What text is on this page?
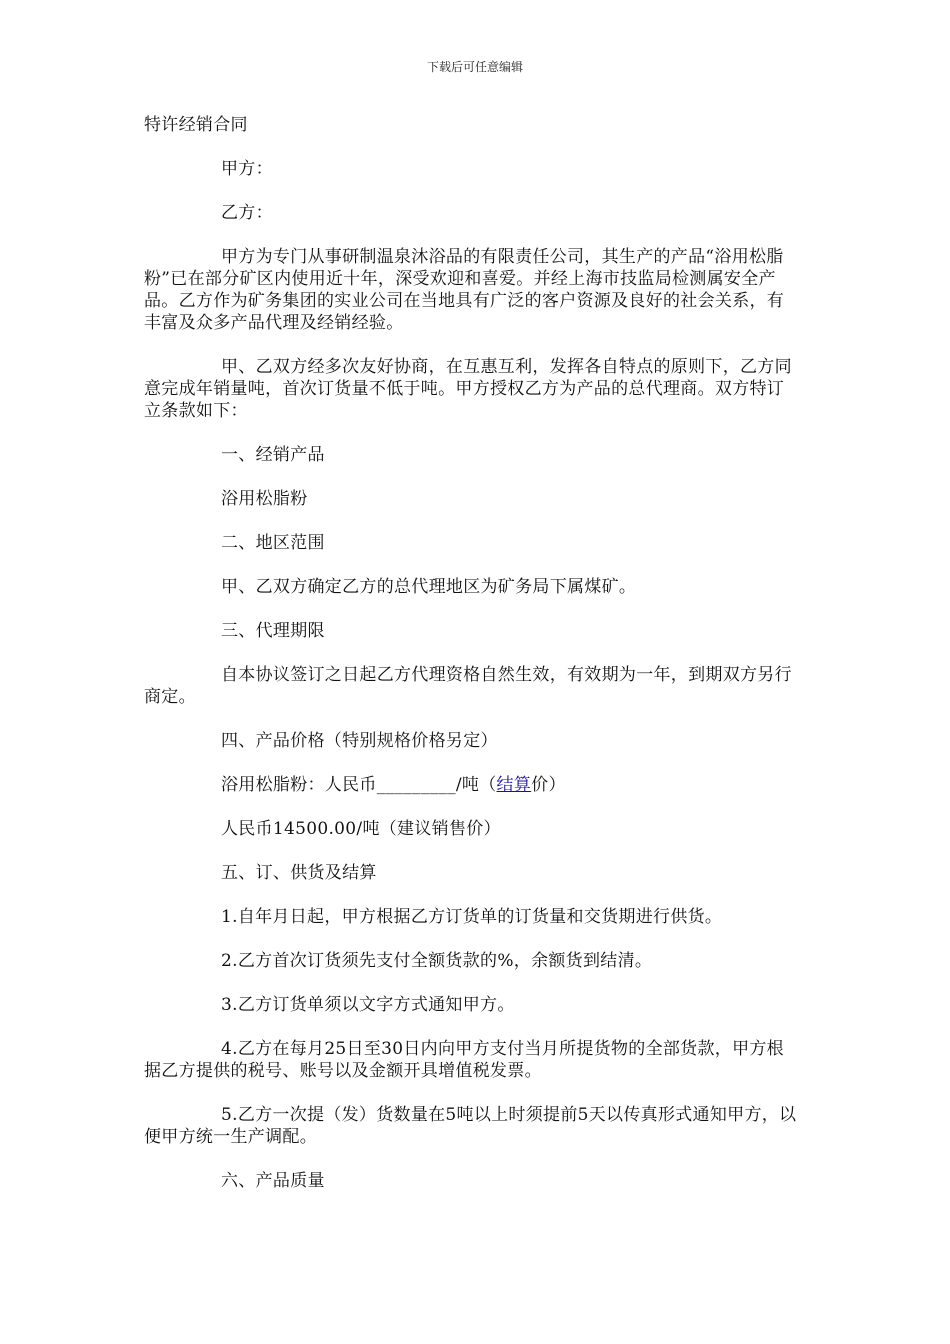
下载后可任意编辑

特许经销合同

甲方：

乙方：

甲方为专门从事研制温泉沐浴品的有限责任公司，其生产的产品“浴用松脂粉”已在部分矿区内使用近十年，深受欢迎和喜爱。并经上海市技监局检测属安全产品。乙方作为矿务集团的实业公司在当地具有广泛的客户资源及良好的社会关系，有丰富及众多产品代理及经销经验。

甲、乙双方经多次友好协商，在互惠互利，发挥各自特点的原则下，乙方同意完成年销量吨，首次订货量不低于吨。甲方授权乙方为产品的总代理商。双方特订立条款如下：

一、经销产品

浴用松脂粉

二、地区范围

甲、乙双方确定乙方的总代理地区为矿务局下属煤矿。

三、代理期限

自本协议签订之日起乙方代理资格自然生效，有效期为一年，到期双方另行商定。

四、产品价格（特别规格价格另定）

浴用松脂粉：人民币_________/吨（结算价）

人民币14500.00/吨（建议销售价）

五、订、供货及结算

1.自年月日起，甲方根据乙方订货单的订货量和交货期进行供货。

2.乙方首次订货须先支付全额货款的%，余额货到结清。

3.乙方订货单须以文字方式通知甲方。

4.乙方在每月25日至30日内向甲方支付当月所提货物的全部货款，甲方根据乙方提供的税号、账号以及金额开具增值税发票。

5.乙方一次提（发）货数量在5吨以上时须提前5天以传真形式通知甲方，以便甲方统一生产调配。

六、产品质量
